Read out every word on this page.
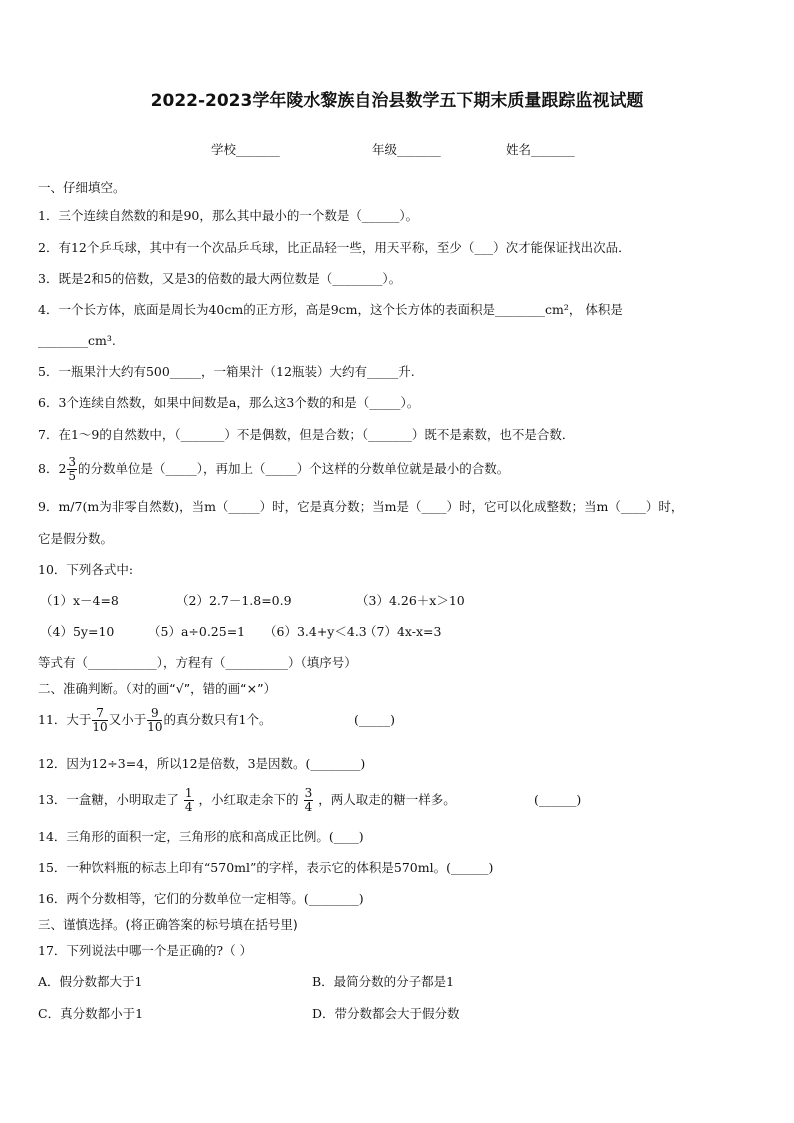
2022-2023学年陵水黎族自治县数学五下期末质量跟踪监视试题
学校_______	年级_______	姓名_______
一、仔细填空。
1．三个连续自然数的和是90，那么其中最小的一个数是（______）。
2．有12个乒乓球，其中有一个次品乒乓球，比正品轻一些，用天平称，至少（___）次才能保证找出次品．
3．既是2和5的倍数，又是3的倍数的最大两位数是（________）。
4．一个长方体，底面是周长为40cm的正方形，高是9cm，这个长方体的表面积是________cm²， 体积是
________cm³.
5．一瓶果汁大约有500_____，一箱果汁（12瓶装）大约有_____升.
6．3个连续自然数，如果中间数是a，那么这3个数的和是（_____）。
7．在1～9的自然数中，（_______）不是偶数，但是合数；（_______）既不是素数，也不是合数．
8．$2 \frac{3}{5}$ 的分数单位是（_____），再加上（_____）个这样的分数单位就是最小的合数。
9．m/7(m为非零自然数)，当m（_____）时，它是真分数；当m是（____）时，它可以化成整数；当m（____）时，
它是假分数。
10．下列各式中:
（1）x－4=8	（2）2.7－1.8=0.9	（3）4.26＋x＞10
（4）5y=10	（5）a÷0.25=1 （6）3.4+y＜4.3
（7）4x-x=3
等式有（___________），方程有（__________）（填序号）
二、准确判断。（对的画“√”，错的画“×”）
11．大于 $\frac{7}{10}$ 又小于 $\frac{9}{10}$ 的真分数只有1个。	(_____)
12．因为12÷3=4，所以12是倍数，3是因数。(________)
13．一盒糖，小明取走了 $\frac{1}{4}$ ，小红取走余下的 $\frac{3}{4}$ ，两人取走的糖一样多。	(______)
14．三角形的面积一定，三角形的底和高成正比例。(____)
15．一种饮料瓶的标志上印有“570ml”的字样，表示它的体积是570ml。(______)
16．两个分数相等，它们的分数单位一定相等。(________)
三、谨慎选择。(将正确答案的标号填在括号里)
17．下列说法中哪一个是正确的?（ ）
A．假分数都大于1	B．最简分数的分子都是1
C．真分数都小于1	D．带分数都会大于假分数
